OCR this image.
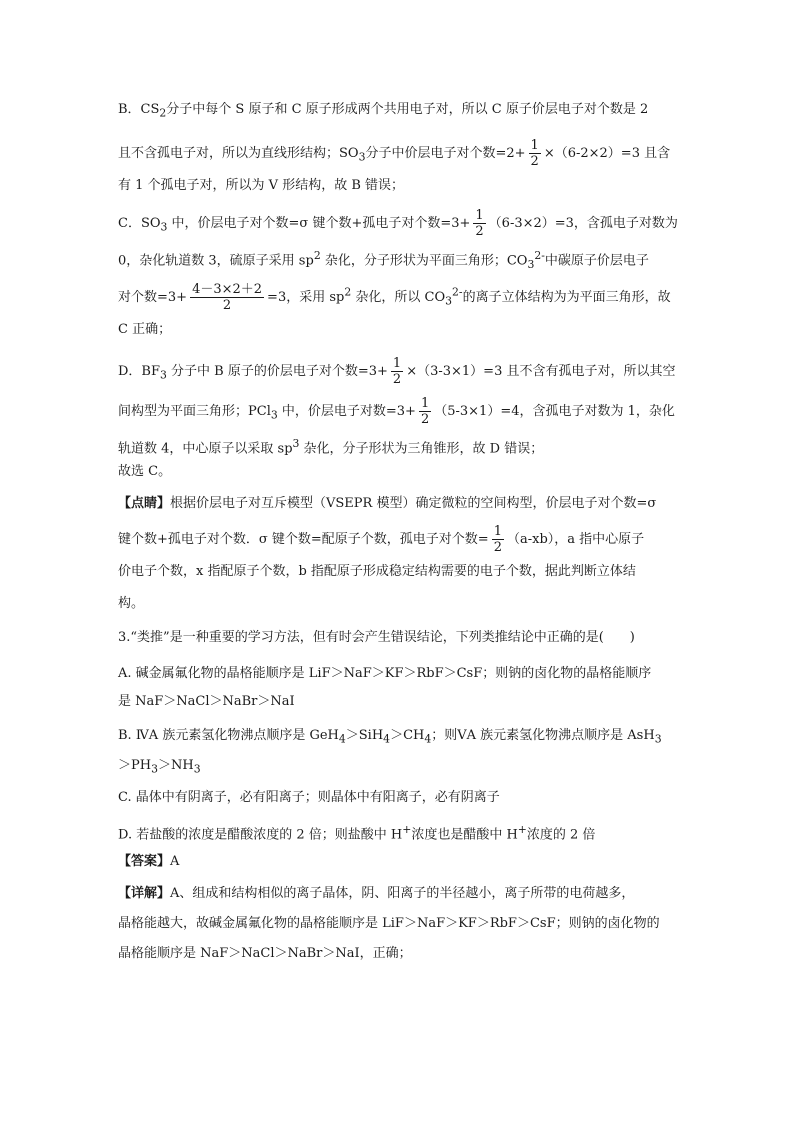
B．$CS_2$分子中每个 S 原子和 C 原子形成两个共用电子对，所以 C 原子价层电子对个数是 2
且不含孤电子对，所以为直线形结构；$SO_3$分子中价层电子对个数$=2+ \frac{1}{2} \times(6-2\times 2)=3$ 且含
有 1 个孤电子对，所以为 V 形结构，故 B 错误；
C．$SO_3$ 中，价层电子对个数=σ 键个数+孤电子对个数$=3+ \frac{1}{2} (6-3\times 2)=3$，含孤电子对数为
0，杂化轨道数 3，硫原子采用 $sp^2$ 杂化，分子形状为平面三角形；$CO_3^{2-}$中碳原子价层电子
对个数$=3+ \frac{4-3\times 2+2}{2} =3$，采用 $sp^2$ 杂化，所以 $CO_3^{2-}$的离子立体结构为为平面三角形，故
C 正确；
D．$BF_3$ 分子中 B 原子的价层电子对个数$=3+ \frac{1}{2} \times(3-3\times 1)=3$ 且不含有孤电子对，所以其空
间构型为平面三角形；PCl$_3$ 中，价层电子对数$=3+ \frac{1}{2} (5-3\times 1)=4$，含孤电子对数为 1，杂化
轨道数 4，中心原子以采取 $sp^3$ 杂化，分子形状为三角锥形，故 D 错误；
故选 C。
【点睛】根据价层电子对互斥模型（VSEPR 模型）确定微粒的空间构型，价层电子对个数=σ
键个数+孤电子对个数．σ 键个数=配原子个数，孤电子对个数= $\frac{1}{2} (a-xb)$，a 指中心原子
价电子个数，x 指配原子个数，b 指配原子形成稳定结构需要的电子个数，据此判断立体结
构。
3.“类推”是一种重要的学习方法，但有时会产生错误结论，下列类推结论中正确的是(　　)
A. 碱金属氟化物的晶格能顺序是 LiF＞NaF＞KF＞RbF＞CsF；则钠的卤化物的晶格能顺序
是 NaF＞NaCl＞NaBr＞NaI
B. ⅣA 族元素氢化物沸点顺序是 $GeH_4>SiH_4>CH_4$；则ⅤA 族元素氢化物沸点顺序是 AsH$_3$
$>PH_3>NH_3$
C. 晶体中有阴离子，必有阳离子；则晶体中有阳离子，必有阴离子
D. 若盐酸的浓度是醋酸浓度的 2 倍；则盐酸中 H+浓度也是醋酸中 H+浓度的 2 倍
【答案】A
【详解】A、组成和结构相似的离子晶体，阴、阳离子的半径越小，离子所带的电荷越多，
晶格能越大，故碱金属氟化物的晶格能顺序是 LiF＞NaF＞KF＞RbF＞CsF；则钠的卤化物的
晶格能顺序是 NaF＞NaCl＞NaBr＞NaI，正确；
